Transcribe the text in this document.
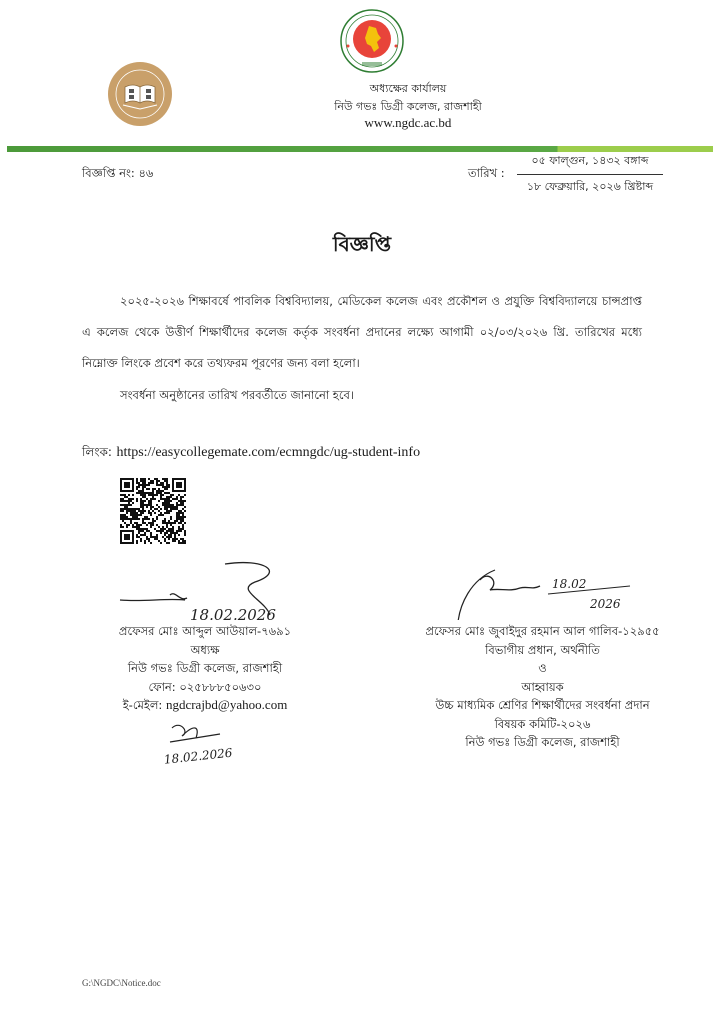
অধ্যক্ষের কার্যালয়
নিউ গভঃ ডিগ্রী কলেজ, রাজশাহী
www.ngdc.ac.bd
বিজ্ঞপ্তি নং: ৪৬	তারিখ :
০৫ ফাল্গুন, ১৪৩২ বঙ্গাব্দ
১৮ ফেব্রুয়ারি, ২০২৬ খ্রিষ্টাব্দ
বিজ্ঞপ্তি
২০২৫-২০২৬ শিক্ষাবর্ষে পাবলিক বিশ্ববিদ্যালয়, মেডিকেল কলেজ এবং প্রকৌশল ও প্রযুক্তি বিশ্ববিদ্যালয়ে চান্সপ্রাপ্ত এ কলেজ থেকে উত্তীর্ণ শিক্ষার্থীদের কলেজ কর্তৃক সংবর্ধনা প্রদানের লক্ষ্যে আগামী ০২/০৩/২০২৬ খ্রি. তারিখের মধ্যে নিম্নোক্ত লিংকে প্রবেশ করে তথ্যফরম পূরণের জন্য বলা হলো।
সংবর্ধনা অনুষ্ঠানের তারিখ পরবর্তীতে জানানো হবে।
লিংক: https://easycollegemate.com/ecmngdc/ug-student-info
18.02.2026
প্রফেসর মোঃ আব্দুল আউয়াল-৭৬৯১
অধ্যক্ষ
নিউ গভঃ ডিগ্রী কলেজ, রাজশাহী
ফোন: ০২৫৮৮৮৫০৬৩০
ই-মেইল: ngdcrajbd@yahoo.com
18.02.2026
18.02
2026
প্রফেসর মোঃ জুবাইদুর রহমান আল গালিব-১২৯৫৫
বিভাগীয় প্রধান, অর্থনীতি
ও
আহ্বায়ক
উচ্চ মাধ্যমিক শ্রেণির শিক্ষার্থীদের সংবর্ধনা প্রদান
বিষয়ক কমিটি-২০২৬
নিউ গভঃ ডিগ্রী কলেজ, রাজশাহী
G:\NGDC\Notice.doc
